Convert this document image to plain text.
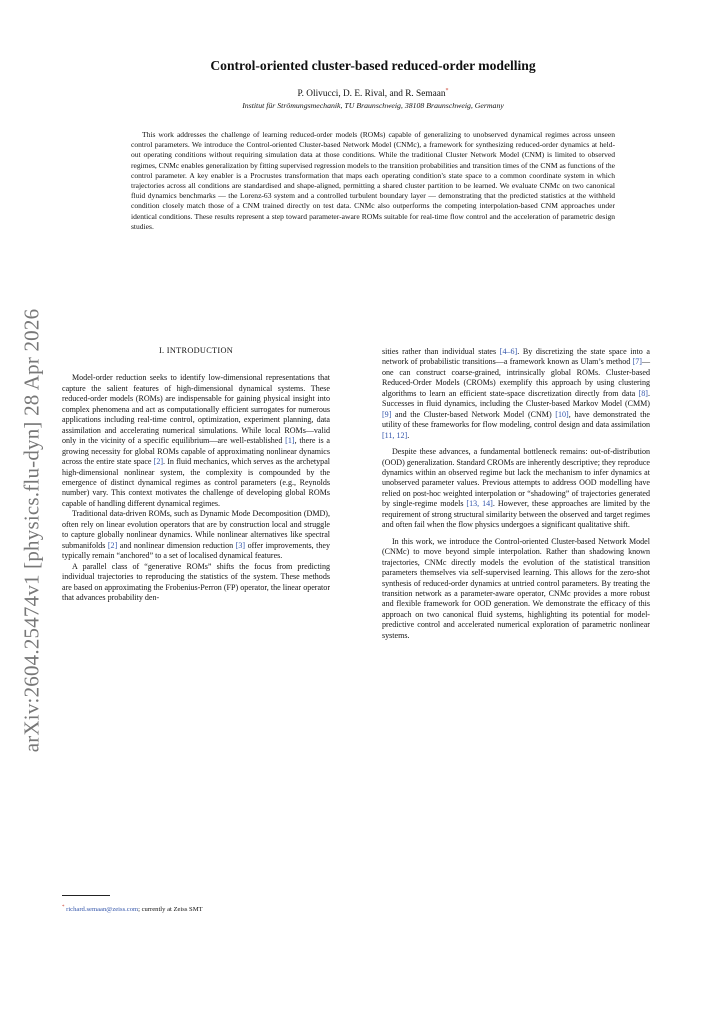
arXiv:2604.25474v1 [physics.flu-dyn] 28 Apr 2026
Control-oriented cluster-based reduced-order modelling
P. Olivucci, D. E. Rival, and R. Semaan*
Institut für Strömungsmechanik, TU Braunschweig, 38108 Braunschweig, Germany

This work addresses the challenge of learning reduced-order models (ROMs) capable of generalizing to unobserved dynamical regimes across unseen control parameters. We introduce the Control-oriented Cluster-based Network Model (CNMc), a framework for synthesizing reduced-order dynamics at held-out operating conditions without requiring simulation data at those conditions. While the traditional Cluster Network Model (CNM) is limited to observed regimes, CNMc enables generalization by fitting supervised regression models to the transition probabilities and transition times of the CNM as functions of the control parameter. A key enabler is a Procrustes transformation that maps each operating condition's state space to a common coordinate system in which trajectories across all conditions are standardised and shape-aligned, permitting a shared cluster partition to be learned. We evaluate CNMc on two canonical fluid dynamics benchmarks — the Lorenz-63 system and a controlled turbulent boundary layer — demonstrating that the predicted statistics at the withheld condition closely match those of a CNM trained directly on test data. CNMc also outperforms the competing interpolation-based CNM approaches under identical conditions. These results represent a step toward parameter-aware ROMs suitable for real-time flow control and the acceleration of parametric design studies.

I. INTRODUCTION

Model-order reduction seeks to identify low-dimensional representations that capture the salient features of high-dimensional dynamical systems. These reduced-order models (ROMs) are indispensable for gaining physical insight into complex phenomena and act as computationally efficient surrogates for numerous applications including real-time control, optimization, experiment planning, data assimilation and accelerating numerical simulations. While local ROMs—valid only in the vicinity of a specific equilibrium—are well-established [1], there is a growing necessity for global ROMs capable of approximating nonlinear dynamics across the entire state space [2]. In fluid mechanics, which serves as the archetypal high-dimensional nonlinear system, the complexity is compounded by the emergence of distinct dynamical regimes as control parameters (e.g., Reynolds number) vary. This context motivates the challenge of developing global ROMs capable of handling different dynamical regimes.

Traditional data-driven ROMs, such as Dynamic Mode Decomposition (DMD), often rely on linear evolution operators that are by construction local and struggle to capture globally nonlinear dynamics. While nonlinear alternatives like spectral submanifolds [2] and nonlinear dimension reduction [3] offer improvements, they typically remain “anchored” to a set of localised dynamical features.

A parallel class of “generative ROMs” shifts the focus from predicting individual trajectories to reproducing the statistics of the system. These methods are based on approximating the Frobenius-Perron (FP) operator, the linear operator that advances probability den-

sities rather than individual states [4–6]. By discretizing the state space into a network of probabilistic transitions—a framework known as Ulam’s method [7]—one can construct coarse-grained, intrinsically global ROMs. Cluster-based Reduced-Order Models (CROMs) exemplify this approach by using clustering algorithms to learn an efficient state-space discretization directly from data [8]. Successes in fluid dynamics, including the Cluster-based Markov Model (CMM) [9] and the Cluster-based Network Model (CNM) [10], have demonstrated the utility of these frameworks for flow modeling, control design and data assimilation [11, 12].

Despite these advances, a fundamental bottleneck remains: out-of-distribution (OOD) generalization. Standard CROMs are inherently descriptive; they reproduce dynamics within an observed regime but lack the mechanism to infer dynamics at unobserved parameter values. Previous attempts to address OOD modelling have relied on post-hoc weighted interpolation or “shadowing” of trajectories generated by single-regime models [13, 14]. However, these approaches are limited by the requirement of strong structural similarity between the observed and target regimes and often fail when the flow physics undergoes a significant qualitative shift.

In this work, we introduce the Control-oriented Cluster-based Network Model (CNMc) to move beyond simple interpolation. Rather than shadowing known trajectories, CNMc directly models the evolution of the statistical transition parameters themselves via self-supervised learning. This allows for the zero-shot synthesis of reduced-order dynamics at untried control parameters. By treating the transition network as a parameter-aware operator, CNMc provides a more robust and flexible framework for OOD generation. We demonstrate the efficacy of this approach on two canonical fluid systems, highlighting its potential for model-predictive control and accelerated numerical exploration of parametric nonlinear systems.

* richard.semaan@zeiss.com; currently at Zeiss SMT
